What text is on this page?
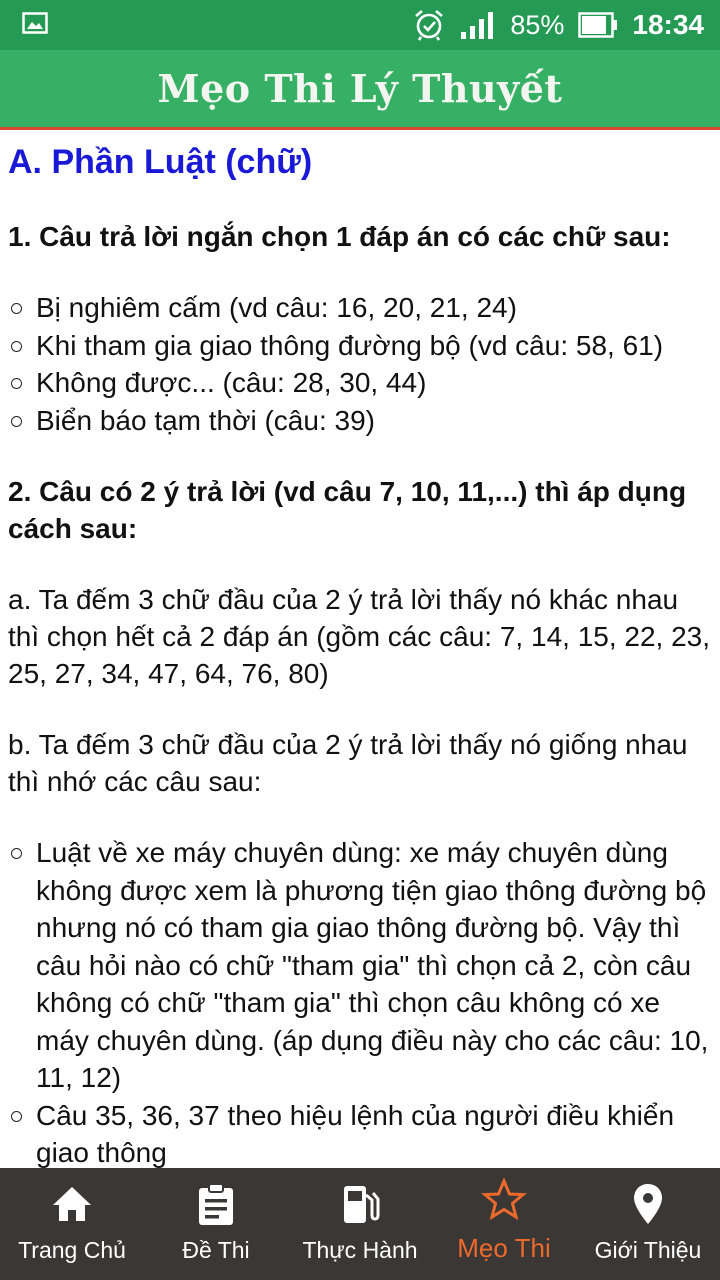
85% 18:34
Mẹo Thi Lý Thuyết
A. Phần Luật (chữ)

1. Câu trả lời ngắn chọn 1 đáp án có các chữ sau:

Bị nghiêm cấm (vd câu: 16, 20, 21, 24)
Khi tham gia giao thông đường bộ (vd câu: 58, 61)
Không được... (câu: 28, 30, 44)
Biển báo tạm thời (câu: 39)

2. Câu có 2 ý trả lời (vd câu 7, 10, 11,...) thì áp dụng cách sau:

a. Ta đếm 3 chữ đầu của 2 ý trả lời thấy nó khác nhau thì chọn hết cả 2 đáp án (gồm các câu: 7, 14, 15, 22, 23, 25, 27, 34, 47, 64, 76, 80)

b. Ta đếm 3 chữ đầu của 2 ý trả lời thấy nó giống nhau thì nhớ các câu sau:

Luật về xe máy chuyên dùng: xe máy chuyên dùng không được xem là phương tiện giao thông đường bộ nhưng nó có tham gia giao thông đường bộ. Vậy thì câu hỏi nào có chữ "tham gia" thì chọn cả 2, còn câu không có chữ "tham gia" thì chọn câu không có xe máy chuyên dùng. (áp dụng điều này cho các câu: 10, 11, 12)
Câu 35, 36, 37 theo hiệu lệnh của người điều khiển giao thông
Trang Chủ Đề Thi Thực Hành Mẹo Thi Giới Thiệu
